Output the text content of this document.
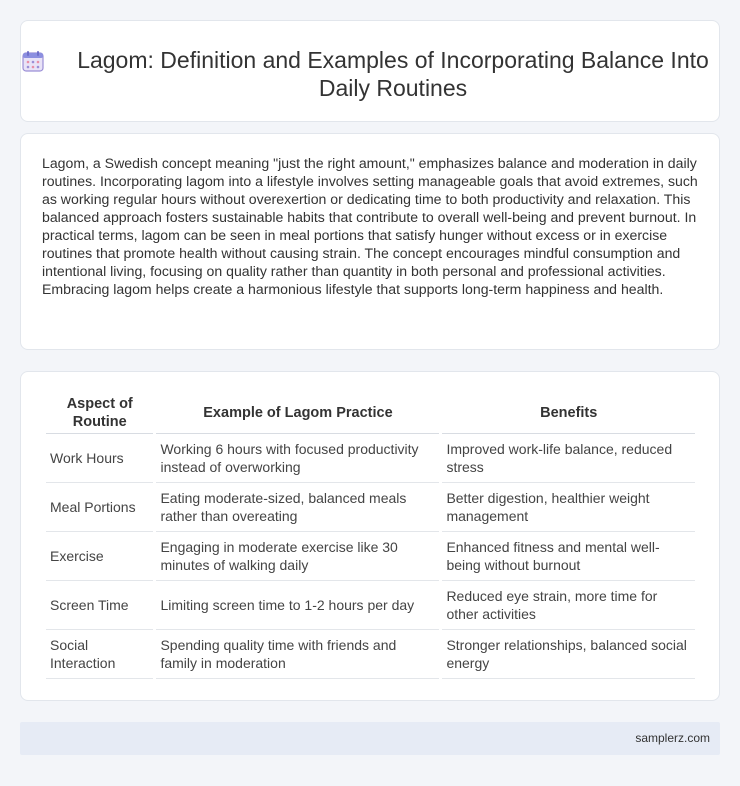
Lagom: Definition and Examples of Incorporating Balance Into Daily Routines

Lagom, a Swedish concept meaning "just the right amount," emphasizes balance and moderation in daily routines. Incorporating lagom into a lifestyle involves setting manageable goals that avoid extremes, such as working regular hours without overexertion or dedicating time to both productivity and relaxation. This balanced approach fosters sustainable habits that contribute to overall well-being and prevent burnout. In practical terms, lagom can be seen in meal portions that satisfy hunger without excess or in exercise routines that promote health without causing strain. The concept encourages mindful consumption and intentional living, focusing on quality rather than quantity in both personal and professional activities. Embracing lagom helps create a harmonious lifestyle that supports long-term happiness and health.

Aspect of Routine	Example of Lagom Practice	Benefits
Work Hours	Working 6 hours with focused productivity instead of overworking	Improved work-life balance, reduced stress
Meal Portions	Eating moderate-sized, balanced meals rather than overeating	Better digestion, healthier weight management
Exercise	Engaging in moderate exercise like 30 minutes of walking daily	Enhanced fitness and mental well-being without burnout
Screen Time	Limiting screen time to 1-2 hours per day	Reduced eye strain, more time for other activities
Social Interaction	Spending quality time with friends and family in moderation	Stronger relationships, balanced social energy
samplerz.com
